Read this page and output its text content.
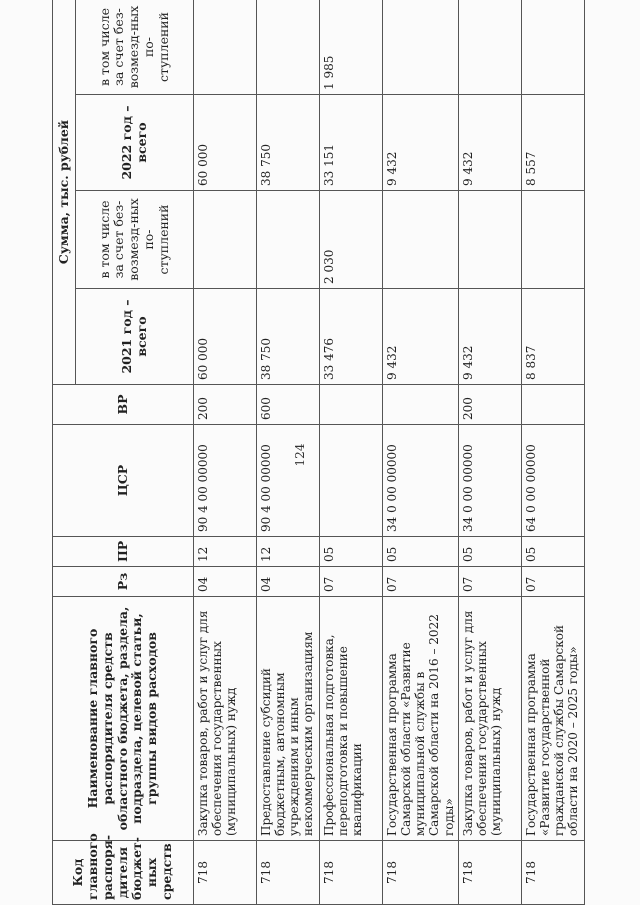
124
Код главного распоря-дителя бюджет-ных средств	Наименование главного распорядителя средств областного бюджета, раздела, подраздела, целевой статьи, группы видов расходов	Рз	ПР	ЦСР	ВР	Сумма, тыс. рублей			
						2021 год – всего	в том числе за счет без-возмезд-ных по-ступлений	2022 год – всего	в том числе за счет без-возмезд-ных по-ступлений
718	Закупка товаров, работ и услуг для обеспечения государственных (муниципальных) нужд	04	12	90 4 00 00000	200	60 000		60 000	
718	Предоставление субсидий бюджетным, автономным учреждениям и иным некоммерческим организациям	04	12	90 4 00 00000	600	38 750		38 750	
718	Профессиональная подготовка, переподготовка и повышение квалификации	07	05			33 476	2 030	33 151	1 985
718	Государственная программа Самарской области «Развитие муниципальной службы в Самарской области на 2016 – 2022 годы»	07	05	34 0 00 00000		9 432		9 432	
718	Закупка товаров, работ и услуг для обеспечения государственных (муниципальных) нужд	07	05	34 0 00 00000	200	9 432		9 432	
718	Государственная программа «Развитие государственной гражданской службы Самарской области на 2020 – 2025 годы»	07	05	64 0 00 00000		8 837		8 557	
